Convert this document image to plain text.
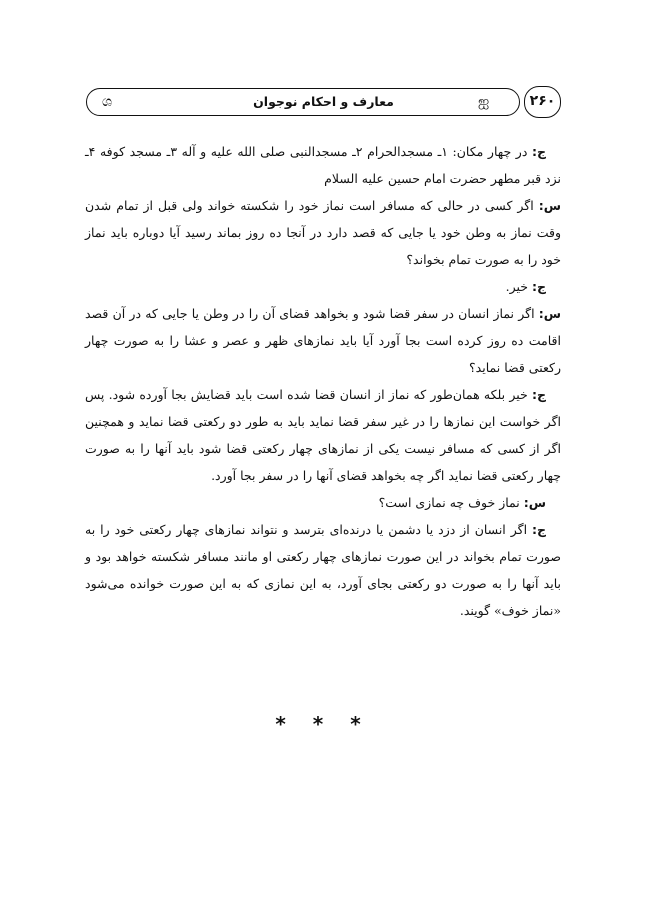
ශ	معارف و احکام نوجوان	ஐ	۲۶۰

ج: در چهار مکان: ۱ـ مسجدالحرام ۲ـ مسجدالنبی صلی الله علیه و آله ۳ـ مسجد کوفه ۴ـ نزد قبر مطهر حضرت امام حسین علیه السلام

س: اگر کسی در حالی که مسافر است نماز خود را شکسته خواند ولی قبل از تمام شدن وقت نماز به وطن خود یا جایی که قصد دارد در آنجا ده روز بماند رسید آیا دوباره باید نماز خود را به صورت تمام بخواند؟

ج: خیر.

س: اگر نماز انسان در سفر قضا شود و بخواهد قضای آن را در وطن یا جایی که در آن قصد اقامت ده روز کرده است بجا آورد آیا باید نمازهای ظهر و عصر و عشا را به صورت چهار رکعتی قضا نماید؟

ج: خیر بلکه همان‌طور که نماز از انسان قضا شده است باید قضایش بجا آورده شود. پس اگر خواست این نمازها را در غیر سفر قضا نماید باید به طور دو رکعتی قضا نماید و همچنین اگر از کسی که مسافر نیست یکی از نمازهای چهار رکعتی قضا شود باید آنها را به صورت چهار رکعتی قضا نماید اگر چه بخواهد قضای آنها را در سفر بجا آورد.

س: نماز خوف چه نمازی است؟

ج: اگر انسان از دزد یا دشمن یا درنده‌ای بترسد و نتواند نمازهای چهار رکعتی خود را به صورت تمام بخواند در این صورت نمازهای چهار رکعتی او مانند مسافر شکسته خواهد بود و باید آنها را به صورت دو رکعتی بجای آورد، به این نمازی که به این صورت خوانده می‌شود «نماز خوف» گویند.

* * *
